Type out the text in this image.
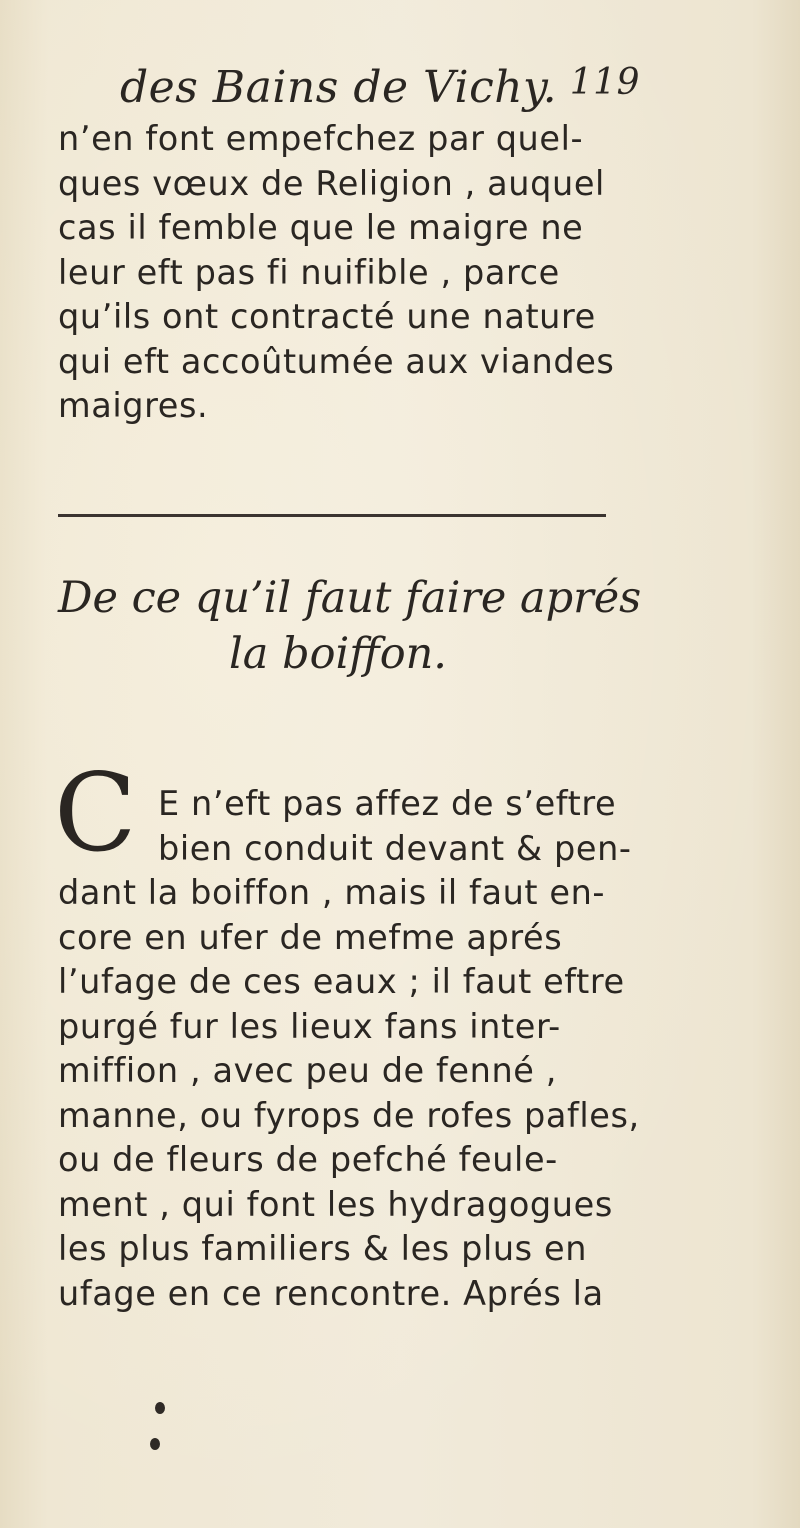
des Bains de Vichy. 119
n’en font empefchez par quel-
ques vœux de Religion , auquel
cas il femble que le maigre ne
leur eft pas fi nuifible , parce
qu’ils ont contracté une nature
qui eft accoûtumée aux viandes
maigres.
De ce qu’il faut faire aprés
la boiffon.
C E n’eft pas affez de s’eftre
bien conduit devant & pen-
dant la boiffon , mais il faut en-
core en ufer de mefme aprés
l’ufage de ces eaux ; il faut eftre
purgé fur les lieux fans inter-
miffion , avec peu de fenné ,
manne, ou fyrops de rofes pafles,
ou de fleurs de pefché feule-
ment , qui font les hydragogues
les plus familiers & les plus en
ufage en ce rencontre. Aprés la
